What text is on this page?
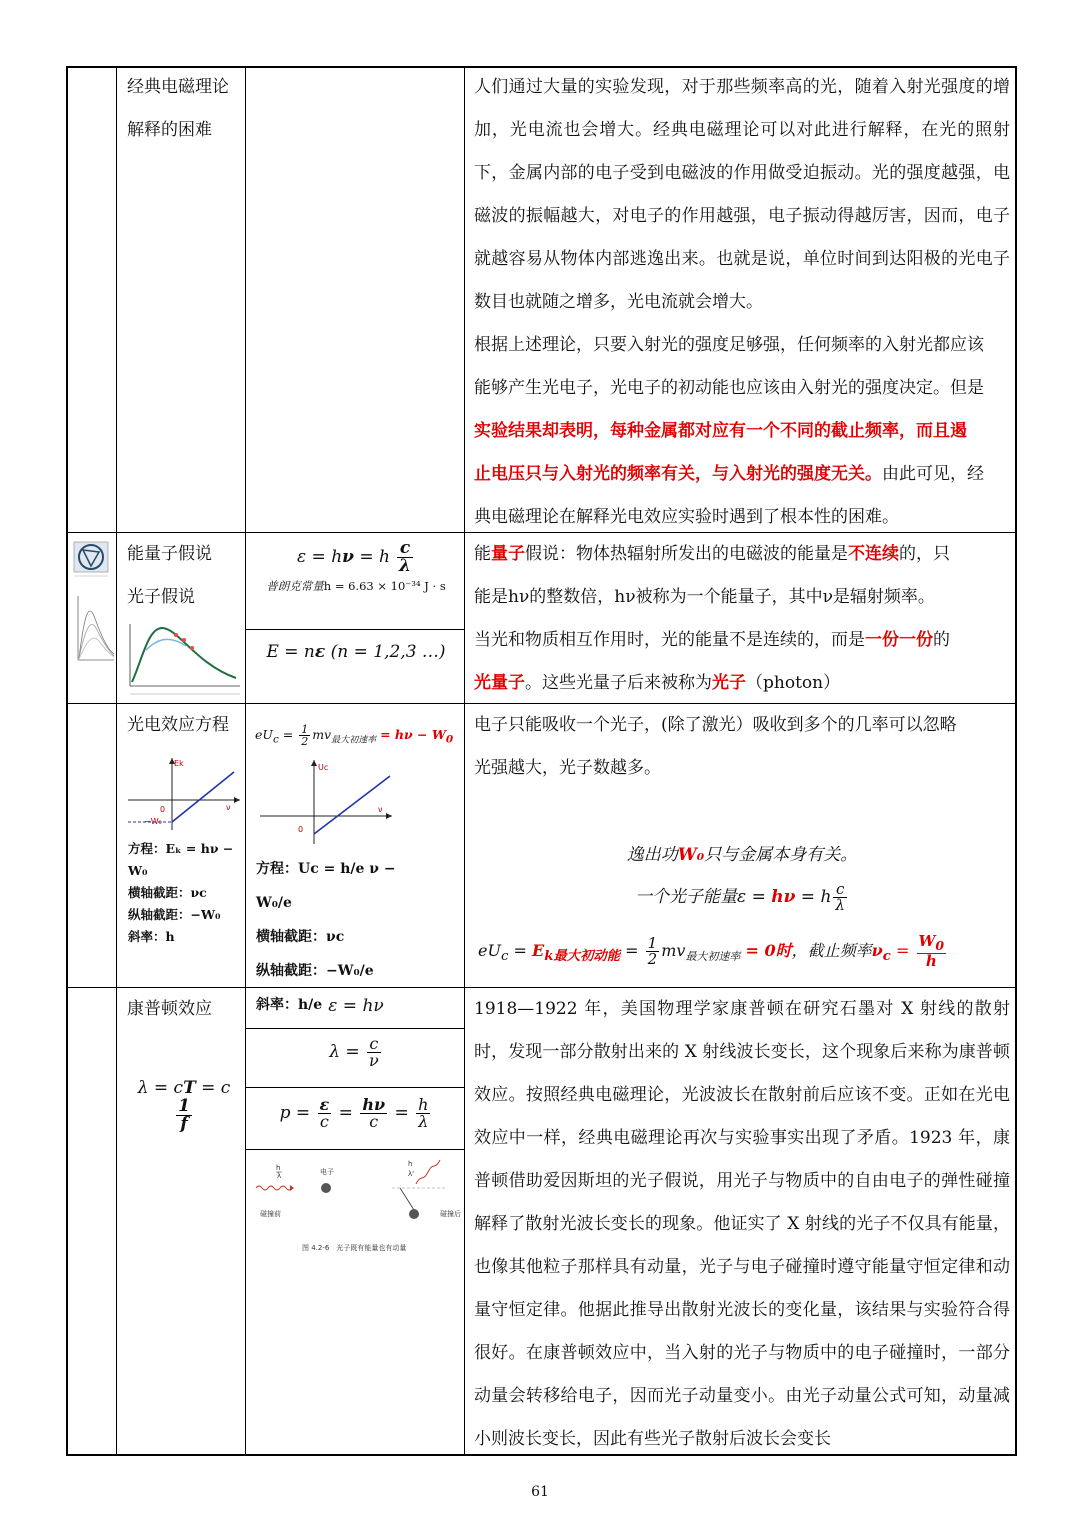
经典电磁理论
解释的困难
人们通过大量的实验发现，对于那些频率高的光，随着入射光强度的增加，光电流也会增大。经典电磁理论可以对此进行解释，在光的照射下，金属内部的电子受到电磁波的作用做受迫振动。光的强度越强，电磁波的振幅越大，对电子的作用越强，电子振动得越厉害，因而，电子就越容易从物体内部逃逸出来。也就是说，单位时间到达阳极的光电子数目也就随之增多，光电流就会增大。
根据上述理论，只要入射光的强度足够强，任何频率的入射光都应该
能够产生光电子，光电子的初动能也应该由入射光的强度决定。但是
实验结果却表明，每种金属都对应有一个不同的截止频率，而且遏
止电压只与入射光的频率有关，与入射光的强度无关。由此可见，经
典电磁理论在解释光电效应实验时遇到了根本性的困难。
能量子假说
光子假说
ε = hν = h $\frac{c}{\lambda}$
普朗克常量h = 6.63 × 10⁻³⁴ J · s
E = nε (n = 1,2,3 …)
能量子假说：物体热辐射所发出的电磁波的能量是不连续的，只
能是hν的整数倍，hν被称为一个能量子，其中ν是辐射频率。
当光和物质相互作用时，光的能量不是连续的，而是一份一份的
光量子。这些光量子后来被称为光子（photon）
光电效应方程
Ek
ν
0
−W₀
方程：Eₖ = hν − W₀
横轴截距：νc
纵轴截距：−W₀
斜率：h
$eU_c = \frac{1}{2} mv_{最大初速率} = h\nu - W_0$
Uc
ν
0
方程：Uc = h/e ν − W₀/e
横轴截距：νc
纵轴截距：−W₀/e
斜率：h/e
电子只能吸收一个光子，(除了激光）吸收到多个的几率可以忽略
光强越大，光子数越多。
逸出功W₀只与金属本身有关。
一个光子能量ε = hν = h $\frac{c}{\lambda}$
$eU_c = E_{k最大初动能} = \frac{1}{2} mv_{最大初速率} = 0$时，截止频率$\nu_c = \frac{W_0}{h}$
康普顿效应
λ = cT = c
$\frac{1}{f}$
ε = hν
$\lambda = \frac{c}{\nu}$
$p = \frac{\varepsilon}{c} = \frac{h\nu}{c} = \frac{h}{\lambda}$
h
λ	电子
碰撞前
h
λ'
碰撞后
图 4.2-6　光子既有能量也有动量
1918—1922 年，美国物理学家康普顿在研究石墨对 X 射线的散射时，发现一部分散射出来的 X 射线波长变长，这个现象后来称为康普顿效应。按照经典电磁理论，光波波长在散射前后应该不变。正如在光电效应中一样，经典电磁理论再次与实验事实出现了矛盾。1923 年，康普顿借助爱因斯坦的光子假说，用光子与物质中的自由电子的弹性碰撞解释了散射光波长变长的现象。他证实了 X 射线的光子不仅具有能量，也像其他粒子那样具有动量，光子与电子碰撞时遵守能量守恒定律和动量守恒定律。他据此推导出散射光波长的变化量，该结果与实验符合得很好。在康普顿效应中，当入射的光子与物质中的电子碰撞时，一部分动量会转移给电子，因而光子动量变小。由光子动量公式可知，动量减小则波长变长，因此有些光子散射后波长会变长
61
